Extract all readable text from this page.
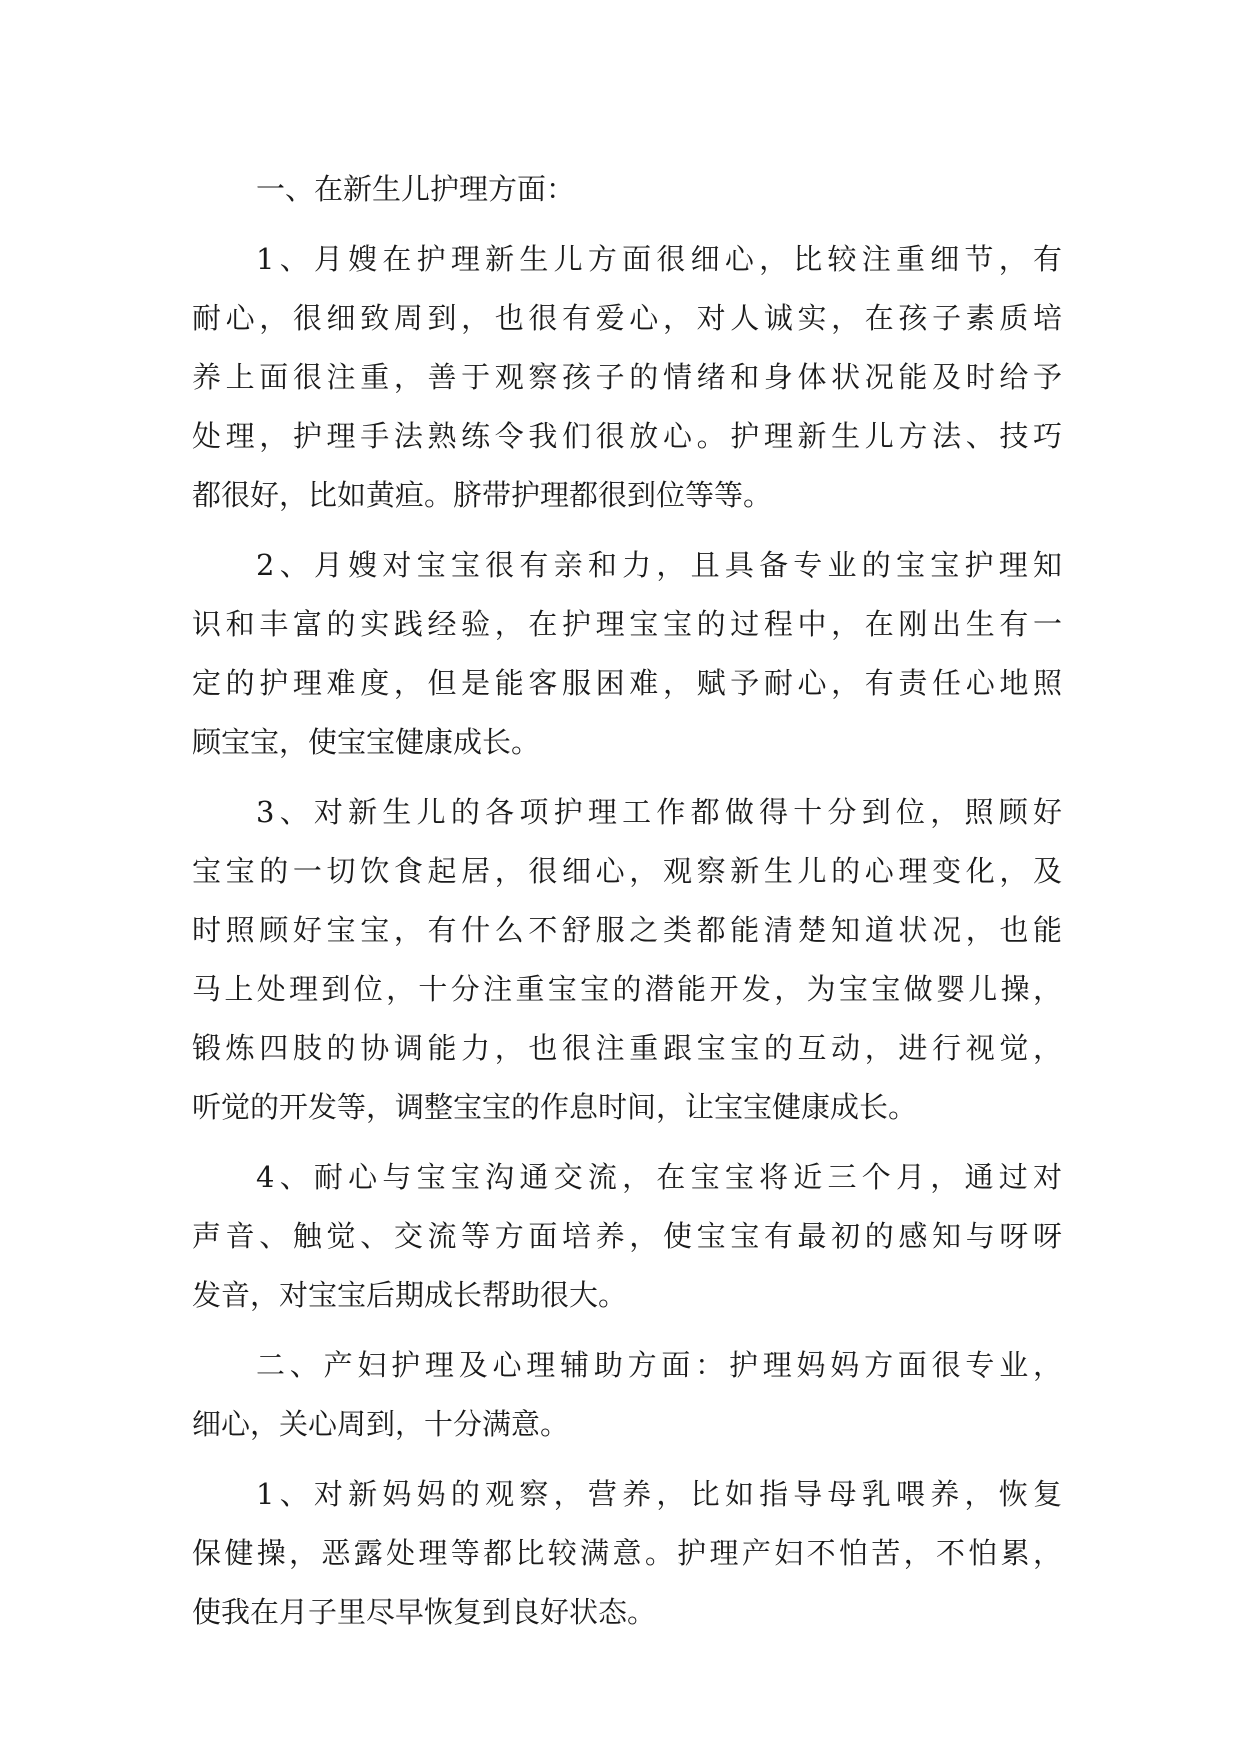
一、在新生儿护理方面：
1、月嫂在护理新生儿方面很细心，比较注重细节，有
耐心，很细致周到，也很有爱心，对人诚实，在孩子素质培
养上面很注重，善于观察孩子的情绪和身体状况能及时给予
处理，护理手法熟练令我们很放心。护理新生儿方法、技巧
都很好，比如黄疸。脐带护理都很到位等等。
2、月嫂对宝宝很有亲和力，且具备专业的宝宝护理知
识和丰富的实践经验，在护理宝宝的过程中，在刚出生有一
定的护理难度，但是能客服困难，赋予耐心，有责任心地照
顾宝宝，使宝宝健康成长。
3、对新生儿的各项护理工作都做得十分到位，照顾好
宝宝的一切饮食起居，很细心，观察新生儿的心理变化，及
时照顾好宝宝，有什么不舒服之类都能清楚知道状况，也能
马上处理到位，十分注重宝宝的潜能开发，为宝宝做婴儿操，
锻炼四肢的协调能力，也很注重跟宝宝的互动，进行视觉，
听觉的开发等，调整宝宝的作息时间，让宝宝健康成长。
4、耐心与宝宝沟通交流，在宝宝将近三个月，通过对
声音、触觉、交流等方面培养，使宝宝有最初的感知与呀呀
发音，对宝宝后期成长帮助很大。
二、产妇护理及心理辅助方面：护理妈妈方面很专业，
细心，关心周到，十分满意。
1、对新妈妈的观察，营养，比如指导母乳喂养，恢复
保健操，恶露处理等都比较满意。护理产妇不怕苦，不怕累，
使我在月子里尽早恢复到良好状态。
